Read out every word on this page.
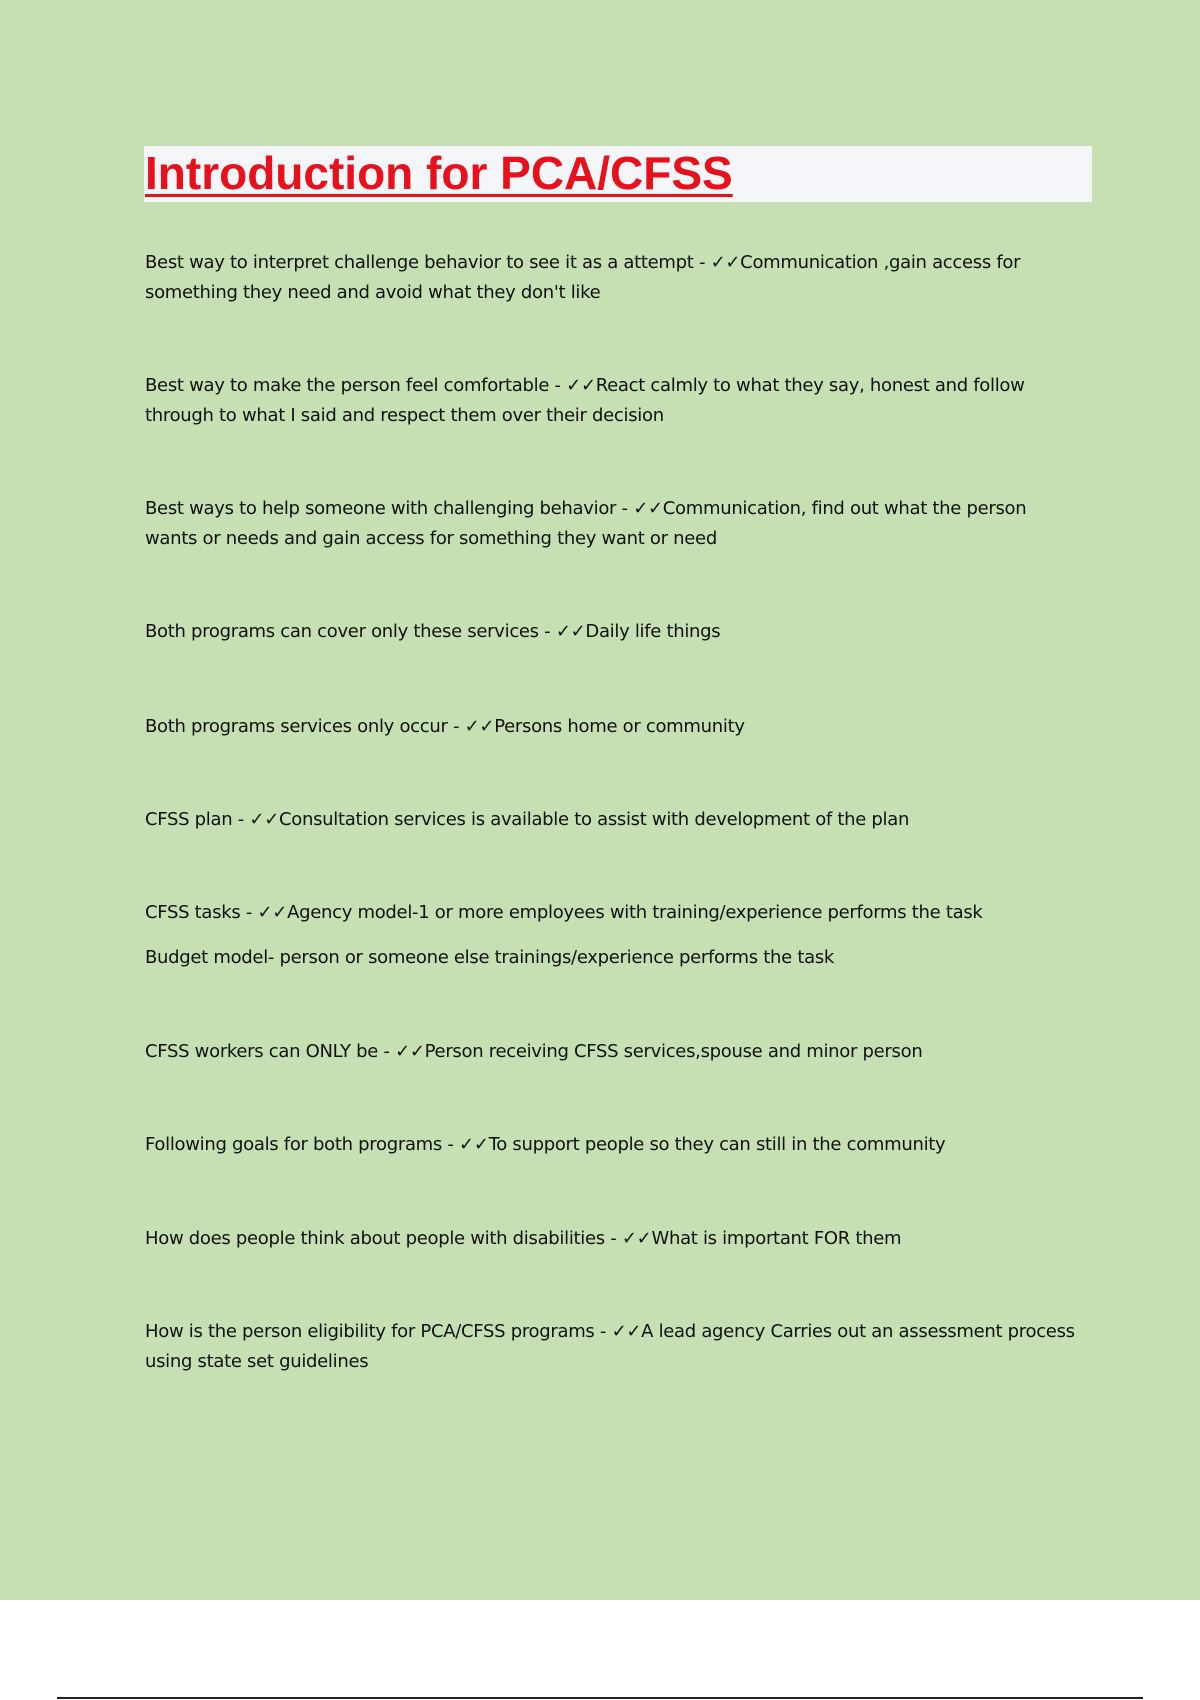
Introduction for PCA/CFSS

Best way to interpret challenge behavior to see it as a attempt - ✓✓Communication ,gain access for something they need and avoid what they don't like

Best way to make the person feel comfortable - ✓✓React calmly to what they say, honest and follow through to what I said and respect them over their decision

Best ways to help someone with challenging behavior - ✓✓Communication, find out what the person wants or needs and gain access for something they want or need

Both programs can cover only these services - ✓✓Daily life things

Both programs services only occur - ✓✓Persons home or community

CFSS plan - ✓✓Consultation services is available to assist with development of the plan

CFSS tasks - ✓✓Agency model-1 or more employees with training/experience performs the task
Budget model- person or someone else trainings/experience performs the task

CFSS workers can ONLY be - ✓✓Person receiving CFSS services,spouse and minor person

Following goals for both programs - ✓✓To support people so they can still in the community

How does people think about people with disabilities - ✓✓What is important FOR them

How is the person eligibility for PCA/CFSS programs - ✓✓A lead agency Carries out an assessment process using state set guidelines
